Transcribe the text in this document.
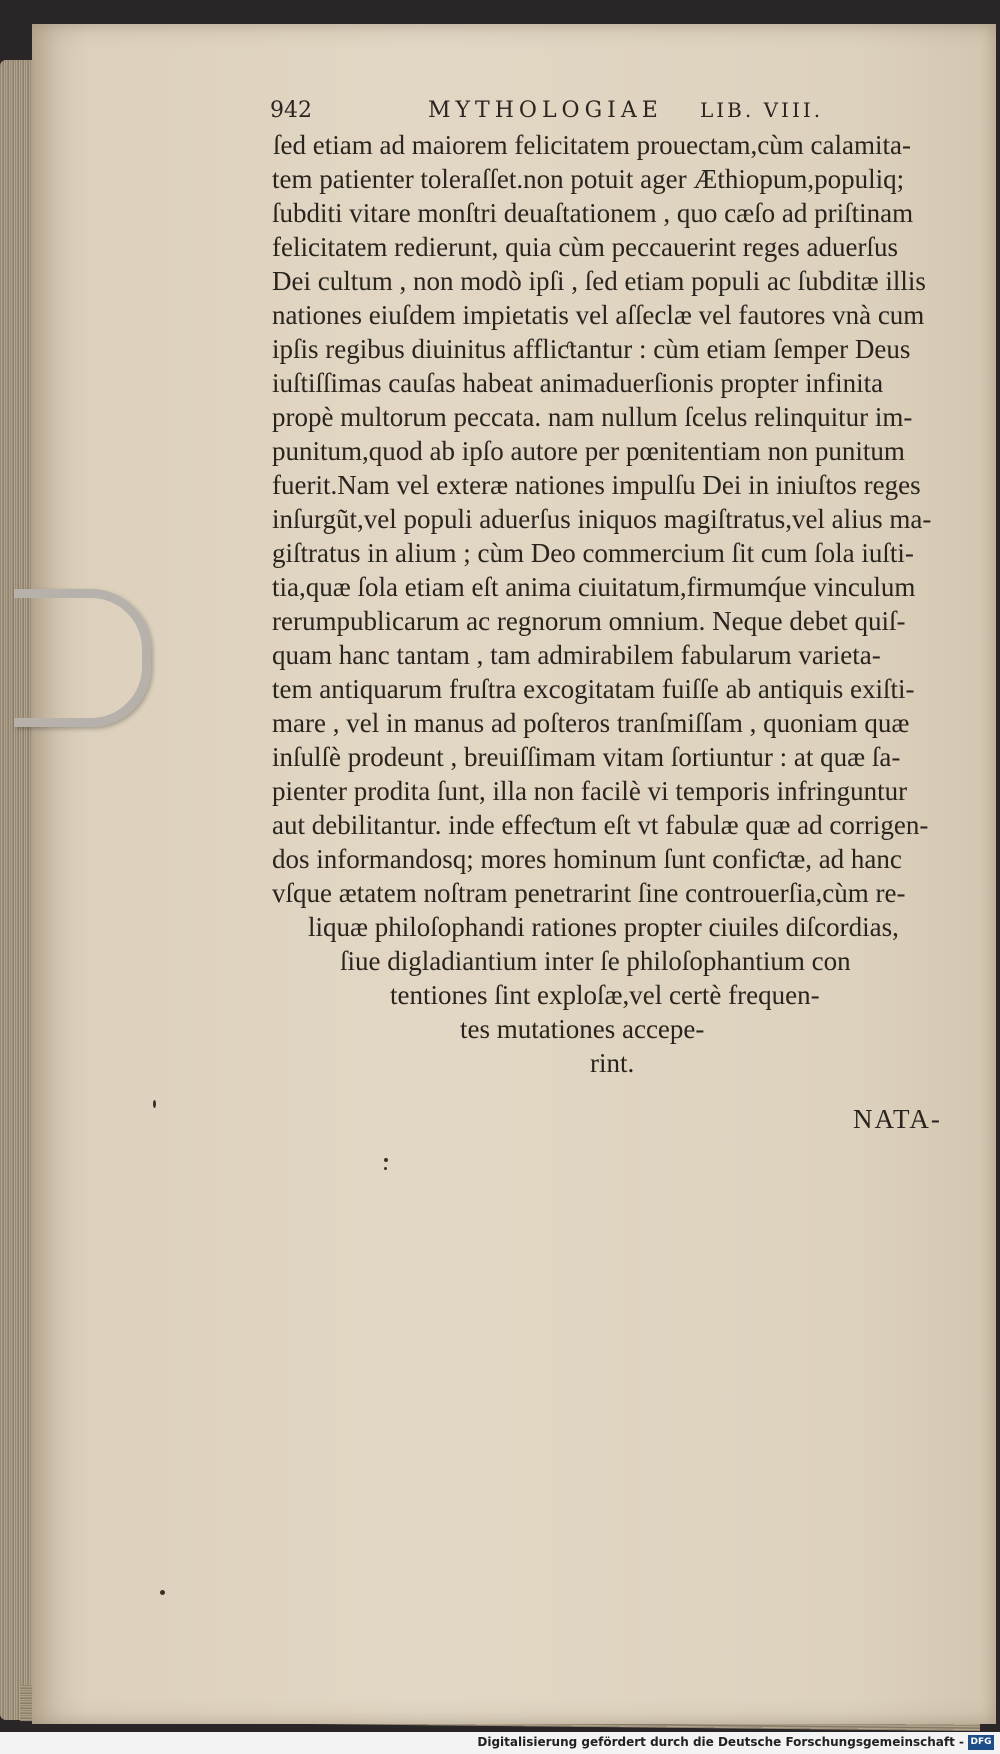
942	MYTHOLOGIAE LIB. VIII.
ſed etiam ad maiorem felicitatem prouectam,cùm calamita-
tem patienter toleraſſet.non potuit ager Æthiopum,populiq;
ſubditi vitare monſtri deuaſtationem , quo cæſo ad priſtinam
felicitatem redierunt, quia cùm peccauerint reges aduerſus
Dei cultum , non modò ipſi , ſed etiam populi ac ſubditæ illis
nationes eiuſdem impietatis vel aſſeclæ vel fautores vnà cum
ipſis regibus diuinitus affliƈtantur : cùm etiam ſemper Deus
iuſtiſſimas cauſas habeat animaduerſionis propter infinita
propè multorum peccata. nam nullum ſcelus relinquitur im-
punitum,quod ab ipſo autore per pœnitentiam non punitum
fuerit.Nam vel exteræ nationes impulſu Dei in iniuſtos reges
inſurgũt,vel populi aduerſus iniquos magiſtratus,vel alius ma-
giſtratus in alium ; cùm Deo commercium ſit cum ſola iuſti-
tia,quæ ſola etiam eſt anima ciuitatum,firmumq́ue vinculum
rerumpublicarum ac regnorum omnium. Neque debet quiſ-
quam hanc tantam , tam admirabilem fabularum varieta-
tem antiquarum fruſtra excogitatam fuiſſe ab antiquis exiſti-
mare , vel in manus ad poſteros tranſmiſſam , quoniam quæ
inſulſè prodeunt , breuiſſimam vitam ſortiuntur : at quæ ſa-
pienter prodita ſunt, illa non facilè vi temporis infringuntur
aut debilitantur. inde effeƈtum eſt vt fabulæ quæ ad corrigen-
dos informandosq; mores hominum ſunt confiƈtæ, ad hanc
vſque ætatem noſtram penetrarint ſine controuerſia,cùm re-
liquæ philoſophandi rationes propter ciuiles diſcordias,
ſiue digladiantium inter ſe philoſophantium con
tentiones ſint exploſæ,vel certè frequen-
tes mutationes accepe-
rint.
NATA-
Digitalisierung gefördert durch die Deutsche Forschungsgemeinschaft - DFG
